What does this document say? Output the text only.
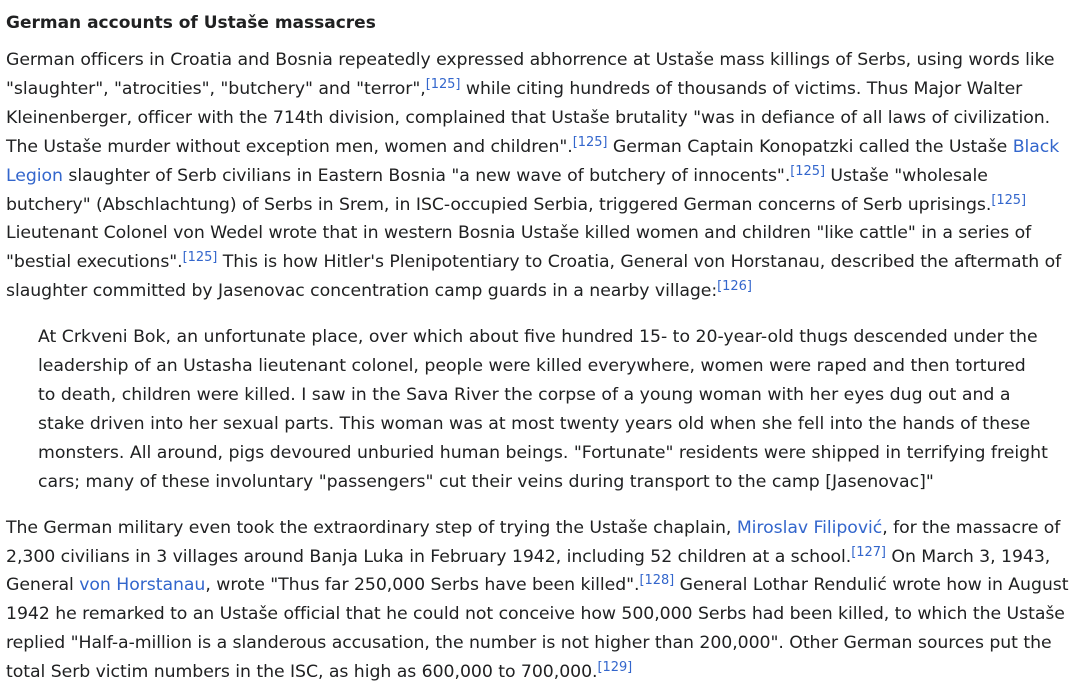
German accounts of Ustaše massacres

German officers in Croatia and Bosnia repeatedly expressed abhorrence at Ustaše mass killings of Serbs, using words like "slaughter", "atrocities", "butchery" and "terror",[125] while citing hundreds of thousands of victims. Thus Major Walter Kleinenberger, officer with the 714th division, complained that Ustaše brutality "was in defiance of all laws of civilization. The Ustaše murder without exception men, women and children".[125] German Captain Konopatzki called the Ustaše Black Legion slaughter of Serb civilians in Eastern Bosnia "a new wave of butchery of innocents".[125] Ustaše "wholesale butchery" (Abschlachtung) of Serbs in Srem, in ISC-occupied Serbia, triggered German concerns of Serb uprisings.[125] Lieutenant Colonel von Wedel wrote that in western Bosnia Ustaše killed women and children "like cattle" in a series of "bestial executions".[125] This is how Hitler's Plenipotentiary to Croatia, General von Horstanau, described the aftermath of slaughter committed by Jasenovac concentration camp guards in a nearby village:[126]

At Crkveni Bok, an unfortunate place, over which about five hundred 15- to 20-year-old thugs descended under the leadership of an Ustasha lieutenant colonel, people were killed everywhere, women were raped and then tortured to death, children were killed. I saw in the Sava River the corpse of a young woman with her eyes dug out and a stake driven into her sexual parts. This woman was at most twenty years old when she fell into the hands of these monsters. All around, pigs devoured unburied human beings. "Fortunate" residents were shipped in terrifying freight cars; many of these involuntary "passengers" cut their veins during transport to the camp [Jasenovac]"

The German military even took the extraordinary step of trying the Ustaše chaplain, Miroslav Filipović, for the massacre of 2,300 civilians in 3 villages around Banja Luka in February 1942, including 52 children at a school.[127] On March 3, 1943, General von Horstanau, wrote "Thus far 250,000 Serbs have been killed".[128] General Lothar Rendulić wrote how in August 1942 he remarked to an Ustaše official that he could not conceive how 500,000 Serbs had been killed, to which the Ustaše replied "Half-a-million is a slanderous accusation, the number is not higher than 200,000". Other German sources put the total Serb victim numbers in the ISC, as high as 600,000 to 700,000.[129]
